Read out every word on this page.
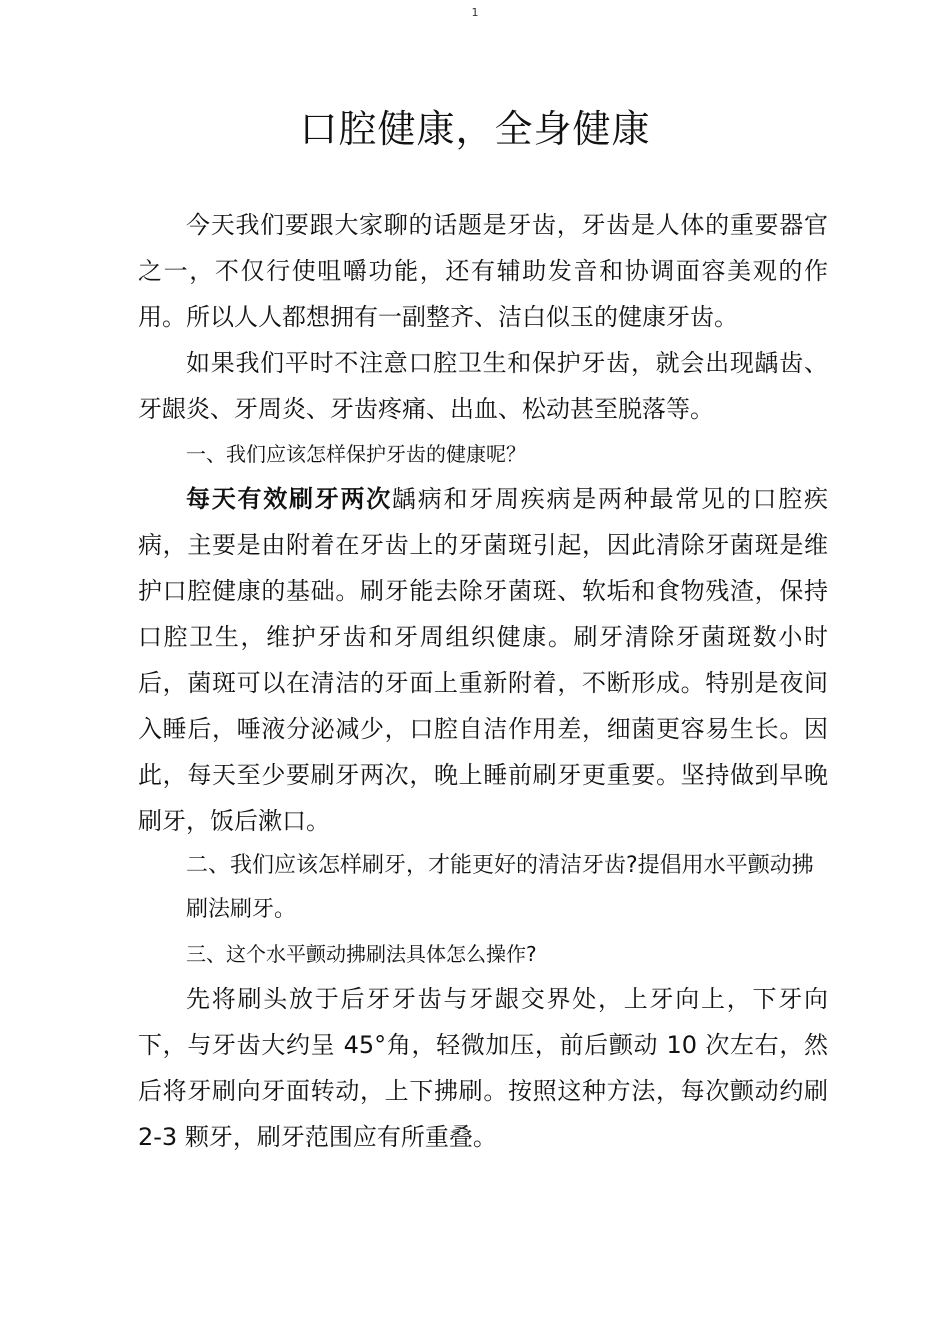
1
口腔健康，全身健康

今天我们要跟大家聊的话题是牙齿，牙齿是人体的重要器官之一，不仅行使咀嚼功能，还有辅助发音和协调面容美观的作用。所以人人都想拥有一副整齐、洁白似玉的健康牙齿。

如果我们平时不注意口腔卫生和保护牙齿，就会出现龋齿、牙龈炎、牙周炎、牙齿疼痛、出血、松动甚至脱落等。

一、我们应该怎样保护牙齿的健康呢？

每天有效刷牙两次龋病和牙周疾病是两种最常见的口腔疾病，主要是由附着在牙齿上的牙菌斑引起，因此清除牙菌斑是维护口腔健康的基础。刷牙能去除牙菌斑、软垢和食物残渣，保持口腔卫生，维护牙齿和牙周组织健康。刷牙清除牙菌斑数小时后，菌斑可以在清洁的牙面上重新附着，不断形成。特别是夜间入睡后，唾液分泌减少，口腔自洁作用差，细菌更容易生长。因此，每天至少要刷牙两次，晚上睡前刷牙更重要。坚持做到早晚刷牙，饭后漱口。

二、我们应该怎样刷牙，才能更好的清洁牙齿?提倡用水平颤动拂刷法刷牙。

三、这个水平颤动拂刷法具体怎么操作?

先将刷头放于后牙牙齿与牙龈交界处，上牙向上，下牙向下，与牙齿大约呈 45°角，轻微加压，前后颤动 10 次左右，然后将牙刷向牙面转动，上下拂刷。按照这种方法，每次颤动约刷 2-3 颗牙，刷牙范围应有所重叠。
